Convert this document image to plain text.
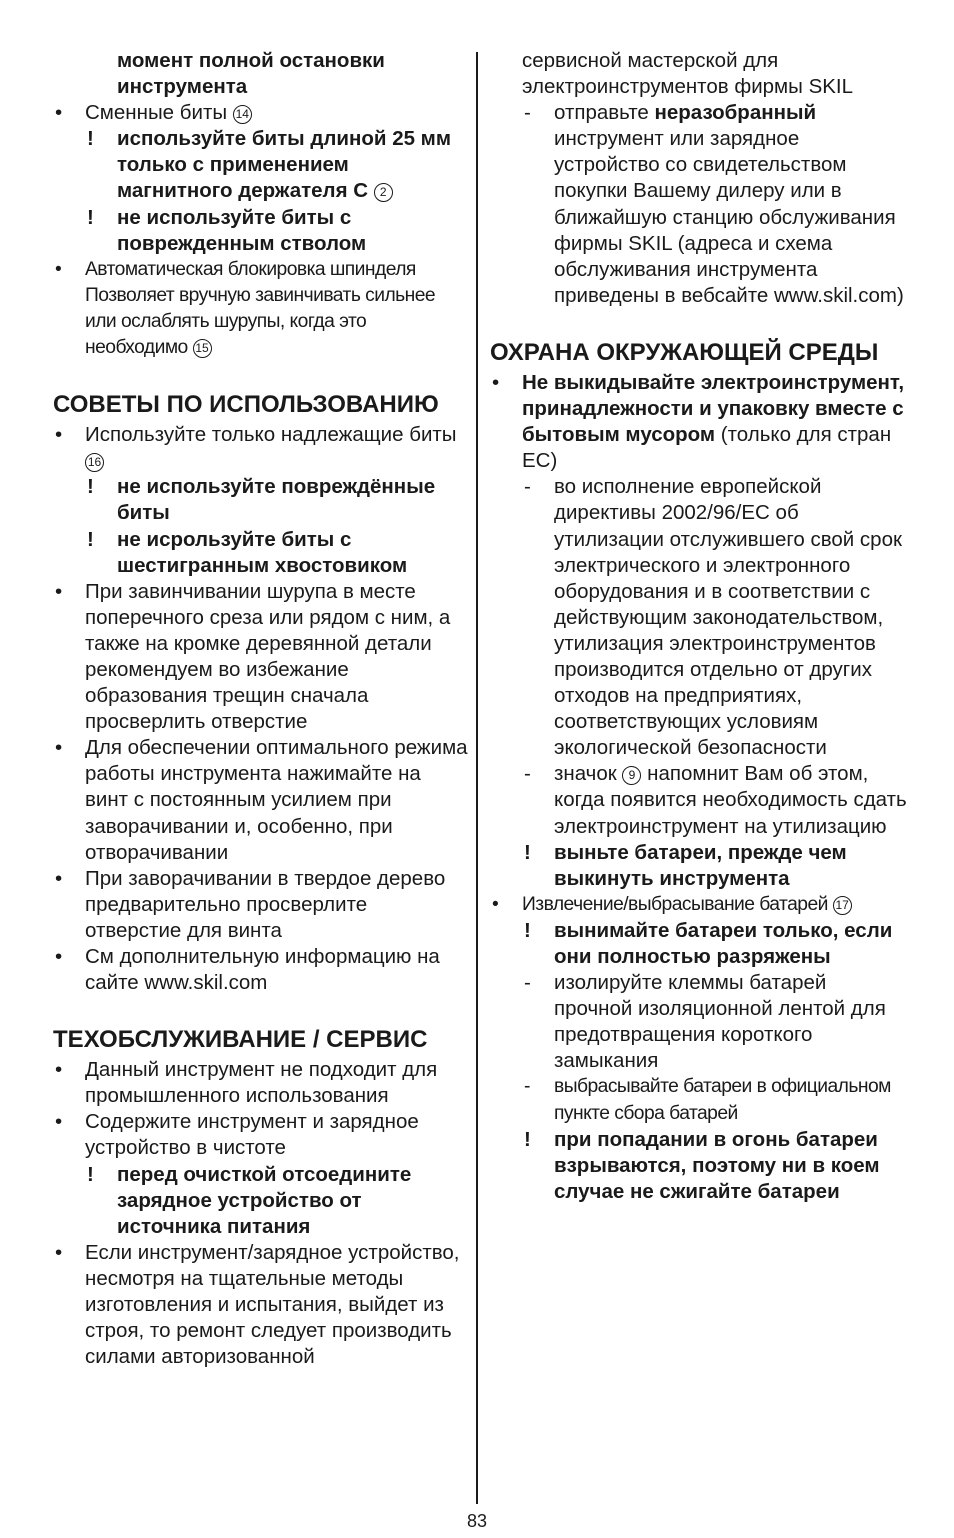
момент полной остановки инструмента
• Сменные биты 14
! используйте биты длиной 25 мм только с применением магнитного держателя C 2
! не используйте биты с поврежденным стволом
• Автоматическая блокировка шпинделя Позволяет вручную завинчивать сильнее или ослаблять шурупы, когда это необходимо 15
СОВЕТЫ ПО ИСПОЛЬЗОВАНИЮ
• Используйте только надлежащие биты 16
! не используйте повреждённые биты
! не исрользуйте биты с шестигранным хвостовиком
• При завинчивании шурупа в месте поперечного среза или рядом с ним, а также на кромке деревянной детали рекомендуем во избежание образования трещин сначала просверлить отверстие
• Для обеспечении оптимального режима работы инструмента нажимайте на винт с постоянным усилием при заворачивании и, особенно, при отворачивании
• При заворачивании в твердое дерево предварительно просверлите отверстие для винта
• См дополнительную информацию на сайте www.skil.com
ТЕХОБСЛУЖИВАНИЕ / СЕРВИС
• Данный инструмент не подходит для промышленного использования
• Содержите инструмент и зарядное устройство в чистоте
! перед очисткой отсоедините зарядное устройство от источника питания
• Если инструмент/зарядное устройство, несмотря на тщательные методы изготовления и испытания, выйдет из строя, то ремонт следует производить силами авторизованной
сервисной мастерской для электроинструментов фирмы SKIL
- отправьте неразобранный инструмент или зарядное устройство со свидетельством покупки Вашему дилеру или в ближайшую станцию обслуживания фирмы SKIL (адреса и схема обслуживания инструмента приведены в вебсайте www.skil.com)
ОХРАНА ОКРУЖАЮЩЕЙ СРЕДЫ
• Не выкидывайте электроинструмент, принадлежности и упаковку вместе с бытовым мусором (только для стран ЕС)
- во исполнение европейской директивы 2002/96/ЕС об утилизации отслужившего свой срок электрического и электронного оборудования и в соответствии с действующим законодательством, утилизация электроинструментов производится отдельно от других отходов на предприятиях, соответствующих условиям экологической безопасности
- значок 9 напомнит Вам об этом, когда появится необходимость сдать электроинструмент на утилизацию
! выньте батареи, прежде чем выкинуть инструмента
• Извлечение/выбрасывание батарей 17
! вынимайте батареи только, если они полностью разряжены
- изолируйте клеммы батарей прочной изоляционной лентой для предотвращения короткого замыкания
- выбрасывайте батареи в официальном пункте сбора батарей
! при попадании в огонь батареи взрываются, поэтому ни в коем случае не сжигайте батареи
83
